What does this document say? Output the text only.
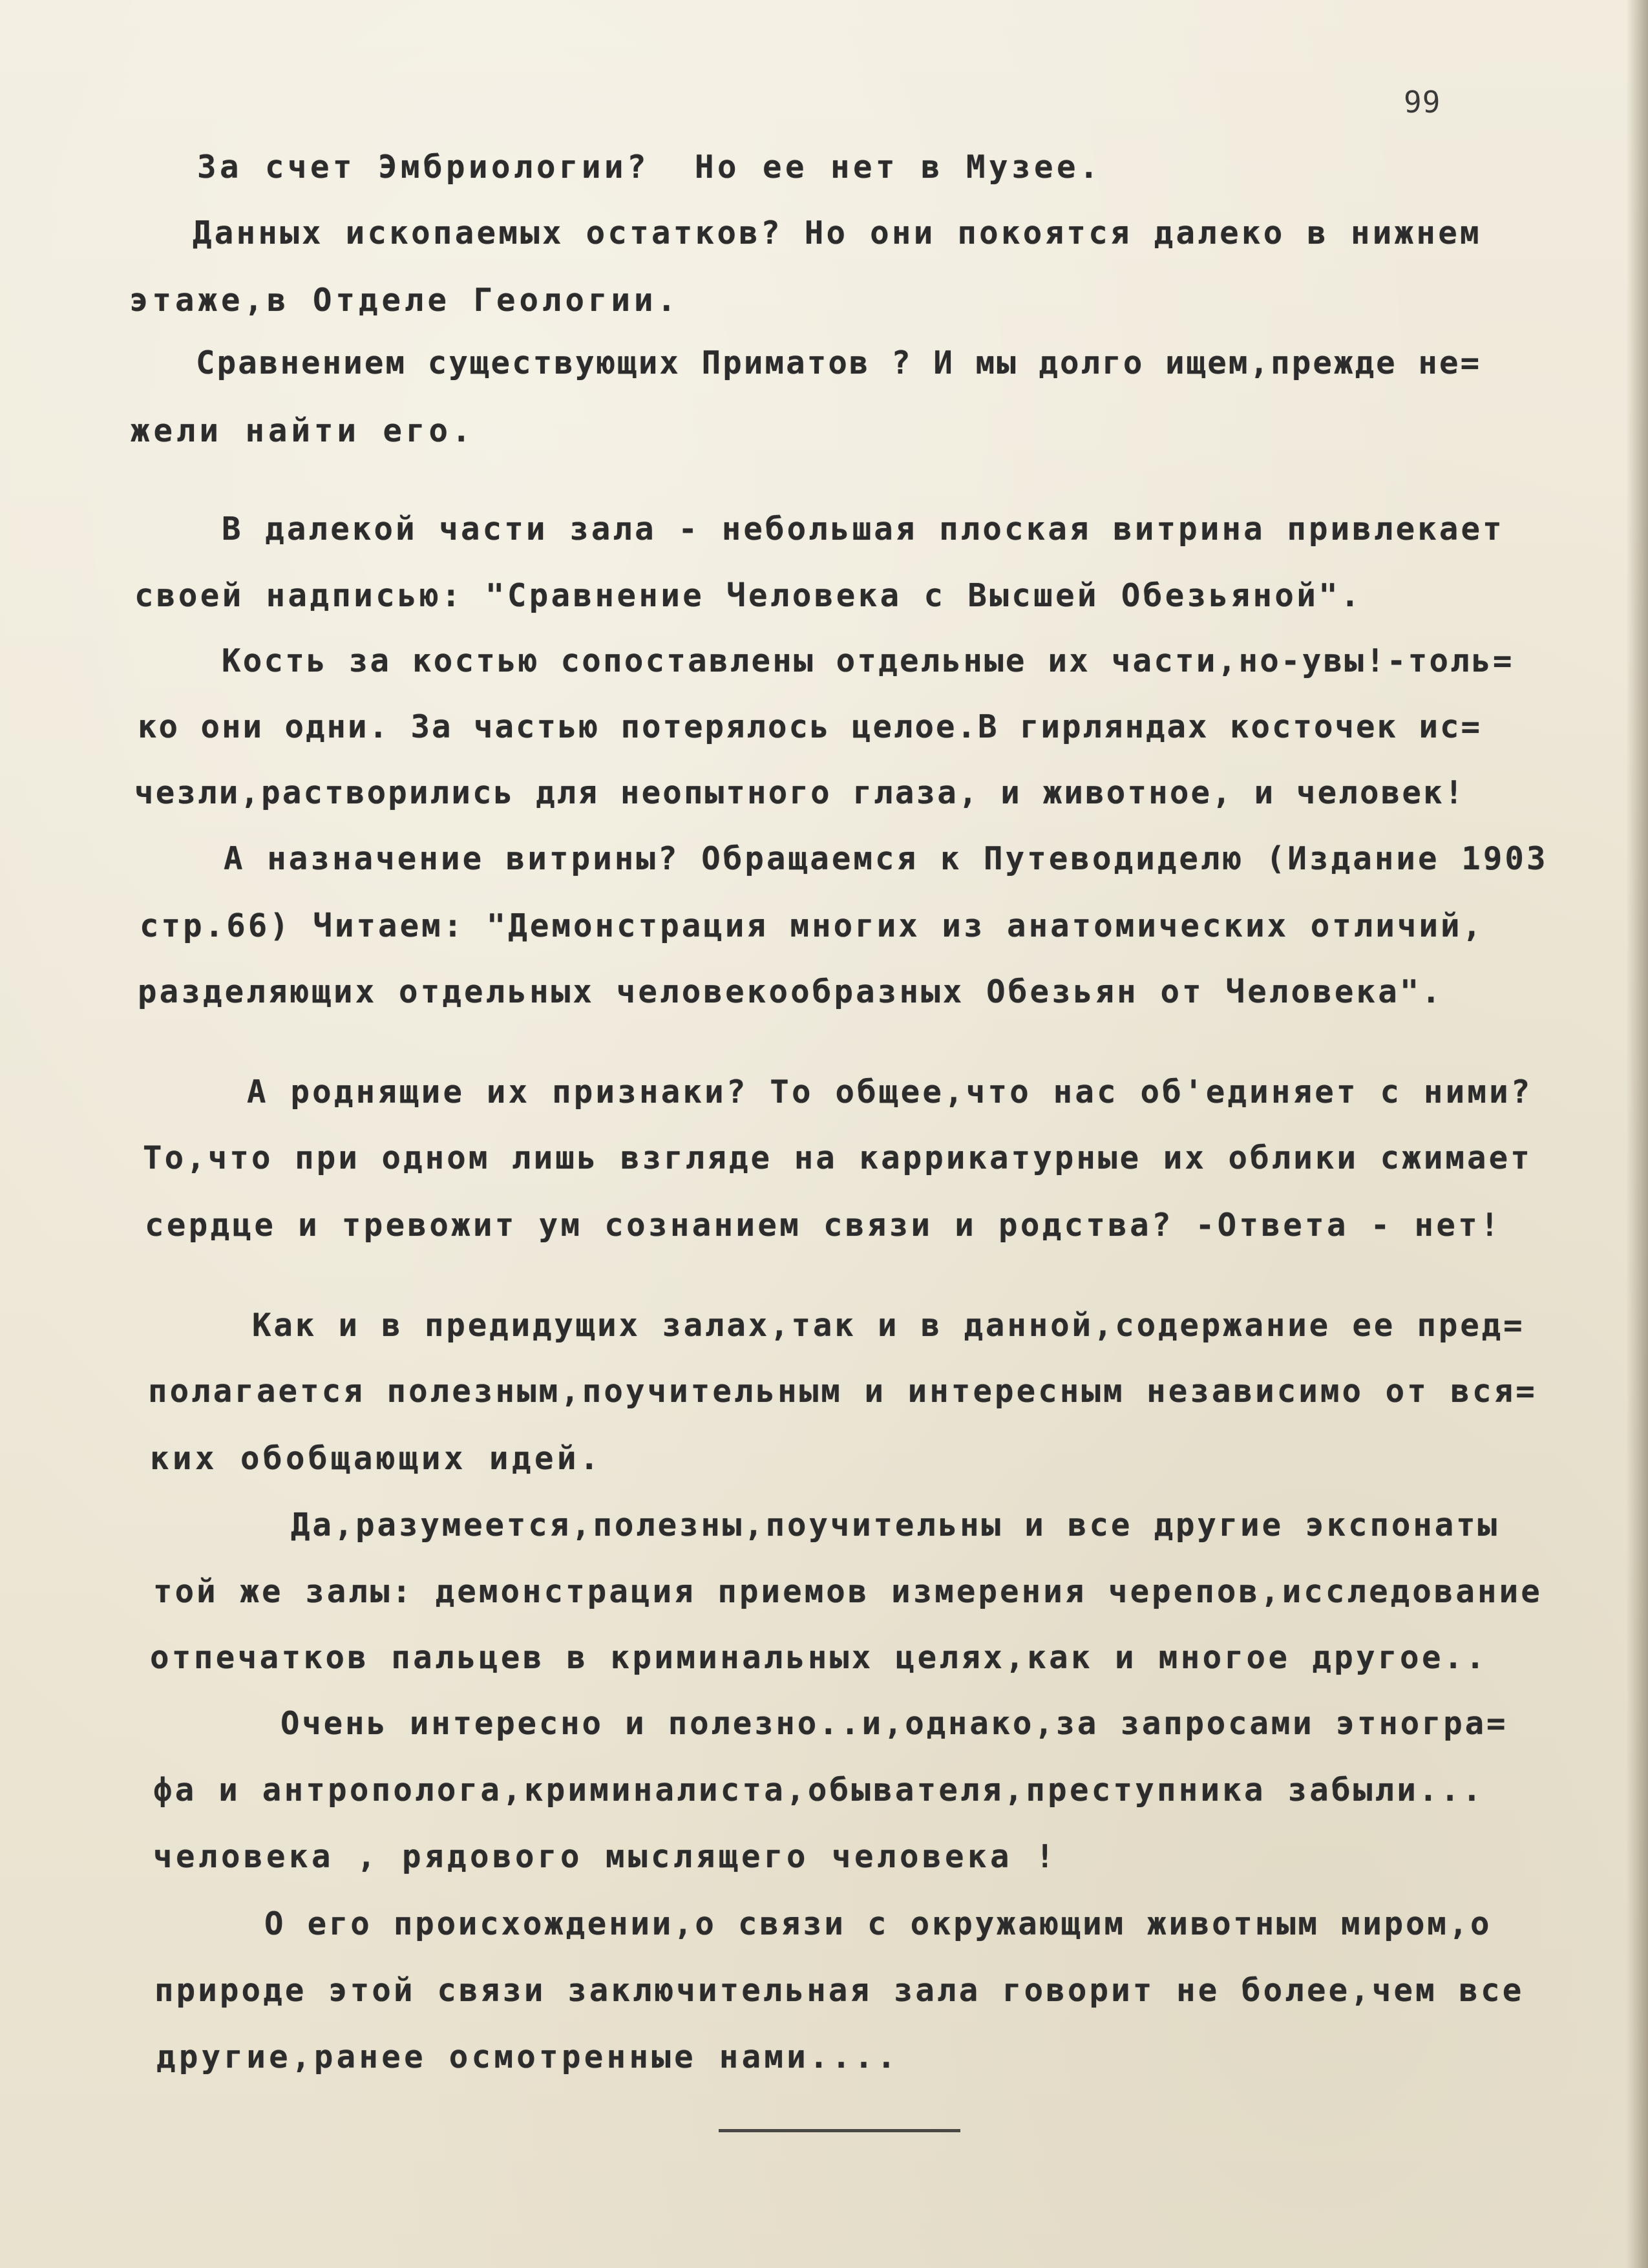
99
За счет Эмбриологии?  Но ее нет в Музее.
Данных ископаемых остатков? Но они покоятся далеко в нижнем
этаже,в Отделе Геологии.
Сравнением существующих Приматов ? И мы долго ищем,прежде не=
жели найти его.
В далекой части зала - небольшая плоская витрина привлекает
своей надписью: "Сравнение Человека с Высшей Обезьяной".
Кость за костью сопоставлены отдельные их части,но-увы!-толь=
ко они одни. За частью потерялось целое.В гирляндах косточек ис=
чезли,растворились для неопытного глаза, и животное, и человек!
А назначение витрины? Обращаемся к Путеводиделю (Издание 1903
стр.66) Читаем: "Демонстрация многих из анатомических отличий,
разделяющих отдельных человекообразных Обезьян от Человека".
А роднящие их признаки? То общее,что нас об'единяет с ними?
То,что при одном лишь взгляде на каррикатурные их облики сжимает
сердце и тревожит ум сознанием связи и родства? -Ответа - нет!
Как и в предидущих залах,так и в данной,содержание ее пред=
полагается полезным,поучительным и интересным независимо от вся=
ких обобщающих идей.
Да,разумеется,полезны,поучительны и все другие экспонаты
той же залы: демонстрация приемов измерения черепов,исследование
отпечатков пальцев в криминальных целях,как и многое другое..
Очень интересно и полезно..и,однако,за запросами этногра=
фа и антрополога,криминалиста,обывателя,преступника забыли...
человека , рядового мыслящего человека !
О его происхождении,о связи с окружающим животным миром,о
природе этой связи заключительная зала говорит не более,чем все
другие,ранее осмотренные нами....
